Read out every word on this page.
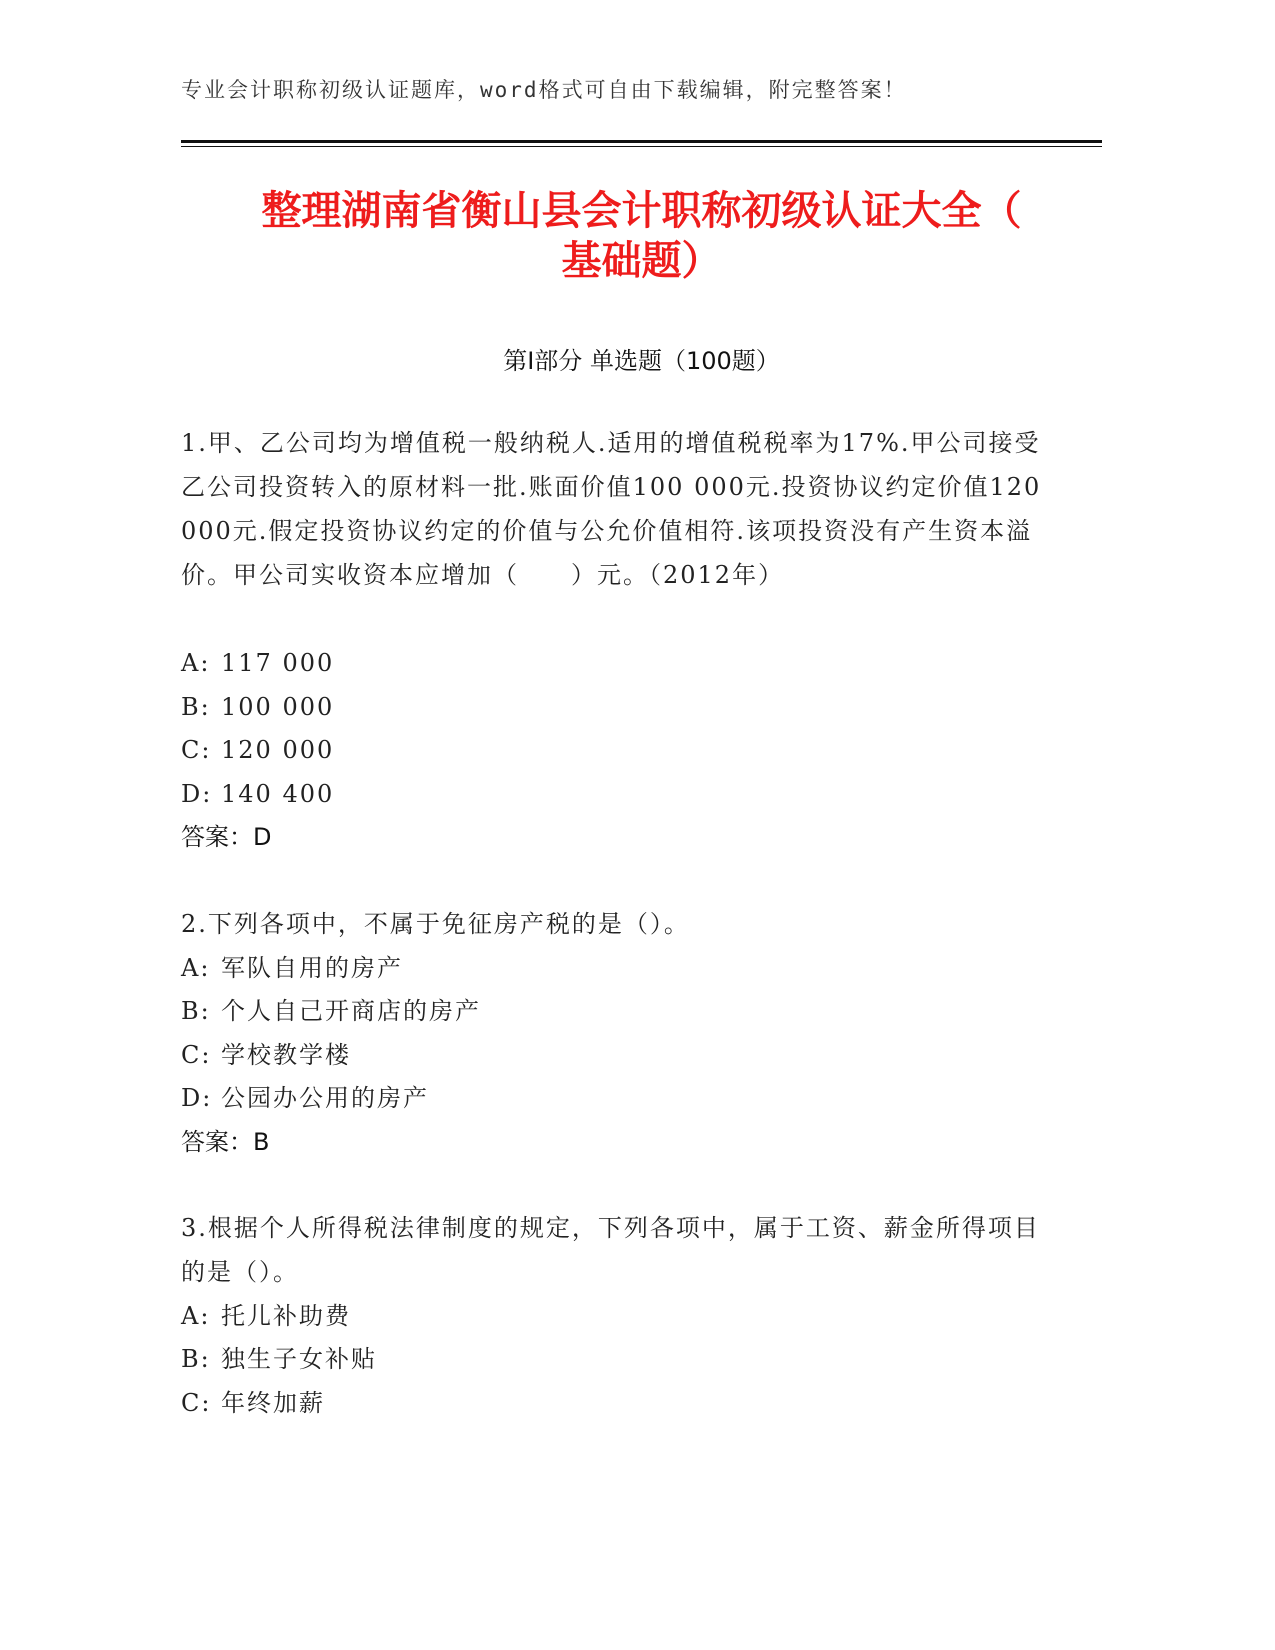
专业会计职称初级认证题库，word格式可自由下载编辑，附完整答案！
整理湖南省衡山县会计职称初级认证大全（
基础题）
第Ⅰ部分 单选题（100题）
1.甲、乙公司均为增值税一般纳税人.适用的增值税税率为17%.甲公司接受乙公司投资转入的原材料一批.账面价值100 000元.投资协议约定价值120 000元.假定投资协议约定的价值与公允价值相符.该项投资没有产生资本溢价。甲公司实收资本应增加（　　）元。（2012年）
A: 117 000
B: 100 000
C: 120 000
D: 140 400
答案：D
2.下列各项中，不属于免征房产税的是（）。
A: 军队自用的房产
B: 个人自己开商店的房产
C: 学校教学楼
D: 公园办公用的房产
答案：B
3.根据个人所得税法律制度的规定，下列各项中，属于工资、薪金所得项目的是（）。
A: 托儿补助费
B: 独生子女补贴
C: 年终加薪
